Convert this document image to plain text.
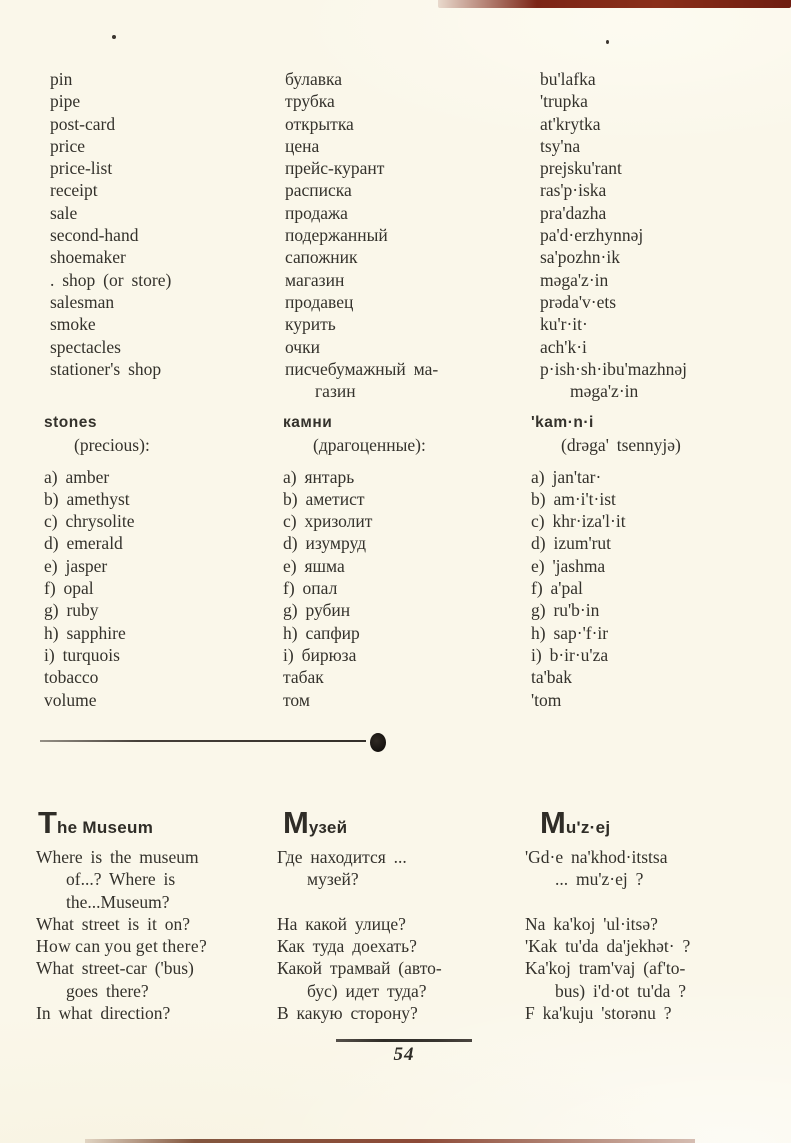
pin
pipe
post-card
price
price-list
receipt
sale
second-hand
shoemaker
. shop (or store)
salesman
smoke
spectacles
stationer's shop
булавка
трубка
открытка
цена
прейс-курант
расписка
продажа
подержанный
сапожник
магазин
продавец
курить
очки
писчебумажный ма-
газин
bu'lafka
'trupka
at'krytka
tsy'na
prejsku'rant
ras'p·iska
pra'dazha
pa'd·erzhynnəj
sa'pozhn·ik
məga'z·in
prəda'v·ets
ku'r·it·
ach'k·i
p·ish·sh·ibu'mazhnəj
məga'z·in
stones
(precious):
a) amber
b) amethyst
c) chrysolite
d) emerald
e) jasper
f) opal
g) ruby
h) sapphire
i) turquois
tobacco
volume
камни
(драгоценные):
a) янтарь
b) аметист
c) хризолит
d) изумруд
e) яшма
f) опал
g) рубин
h) сапфир
i) бирюза
табак
том
'kam·n·i
(drəga' tsennyjə)
a) jan'tar·
b) am·i't·ist
c) khr·iza'l·it
d) izum'rut
e) 'jashma
f) a'pal
g) ru'b·in
h) sap·'f·ir
i) b·ir·u'za
ta'bak
'tom
The Museum	Музей	Mu'z·ej
Where is the museum
of...? Where is
the...Museum?
What street is it on?
How can you get there?
What street-car ('bus)
goes there?
In what direction?
Где находится ...
музей?

На какой улице?
Как туда доехать?
Какой трамвай (авто-
бус) идет туда?
В какую сторону?
'Gd·e na'khod·itstsa
... mu'z·ej ?

Na ka'koj 'ul·itsə?
'Kak tu'da da'jekhət· ?
Ka'koj tram'vaj (af'to-
bus) i'd·ot tu'da ?
F ka'kuju 'storənu ?
54
